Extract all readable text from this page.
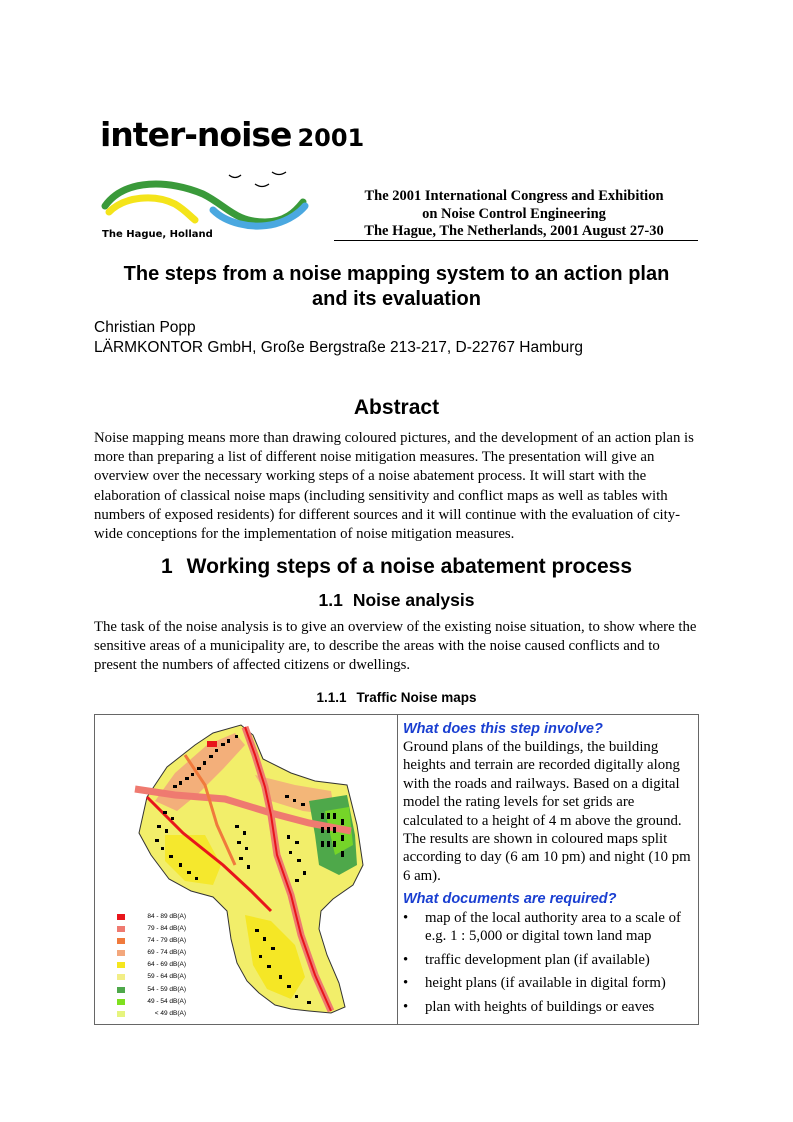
inter-noise 2001
The Hague, Holland
The 2001 International Congress and Exhibition
on Noise Control Engineering
The Hague, The Netherlands, 2001 August 27-30
The steps from a noise mapping system to an action plan
and its evaluation
Christian Popp
LÄRMKONTOR GmbH, Große Bergstraße 213-217, D-22767 Hamburg
Abstract
Noise mapping means more than drawing coloured pictures, and the development of an action plan is more than preparing a list of different noise mitigation measures. The presentation will give an overview over the necessary working steps of a noise abatement process. It will start with the elaboration of classical noise maps (including sensitivity and conflict maps as well as tables with numbers of exposed residents) for different sources and it will continue with the evaluation of city-wide conceptions for the implementation of noise mitigation measures.
1 Working steps of a noise abatement process
1.1 Noise analysis
The task of the noise analysis is to give an overview of the existing noise situation, to show where the sensitive areas of a municipality are, to describe the areas with the noise caused conflicts and to present the numbers of affected citizens or dwellings.
1.1.1 Traffic Noise maps
84 - 89 dB(A)
79 - 84 dB(A)
74 - 79 dB(A)
69 - 74 dB(A)
64 - 69 dB(A)
59 - 64 dB(A)
54 - 59 dB(A)
49 - 54 dB(A)
< 49 dB(A)
What does this step involve?
Ground plans of the buildings, the building heights and terrain are recorded digitally along with the roads and railways. Based on a digital model the rating levels for set grids are calculated to a height of 4 m above the ground. The results are shown in coloured maps split according to day (6 am 10 pm) and night (10 pm 6 am).
What documents are required?
• map of the local authority area to a scale of e.g. 1 : 5,000 or digital town land map
• traffic development plan (if available)
• height plans (if available in digital form)
• plan with heights of buildings or eaves
